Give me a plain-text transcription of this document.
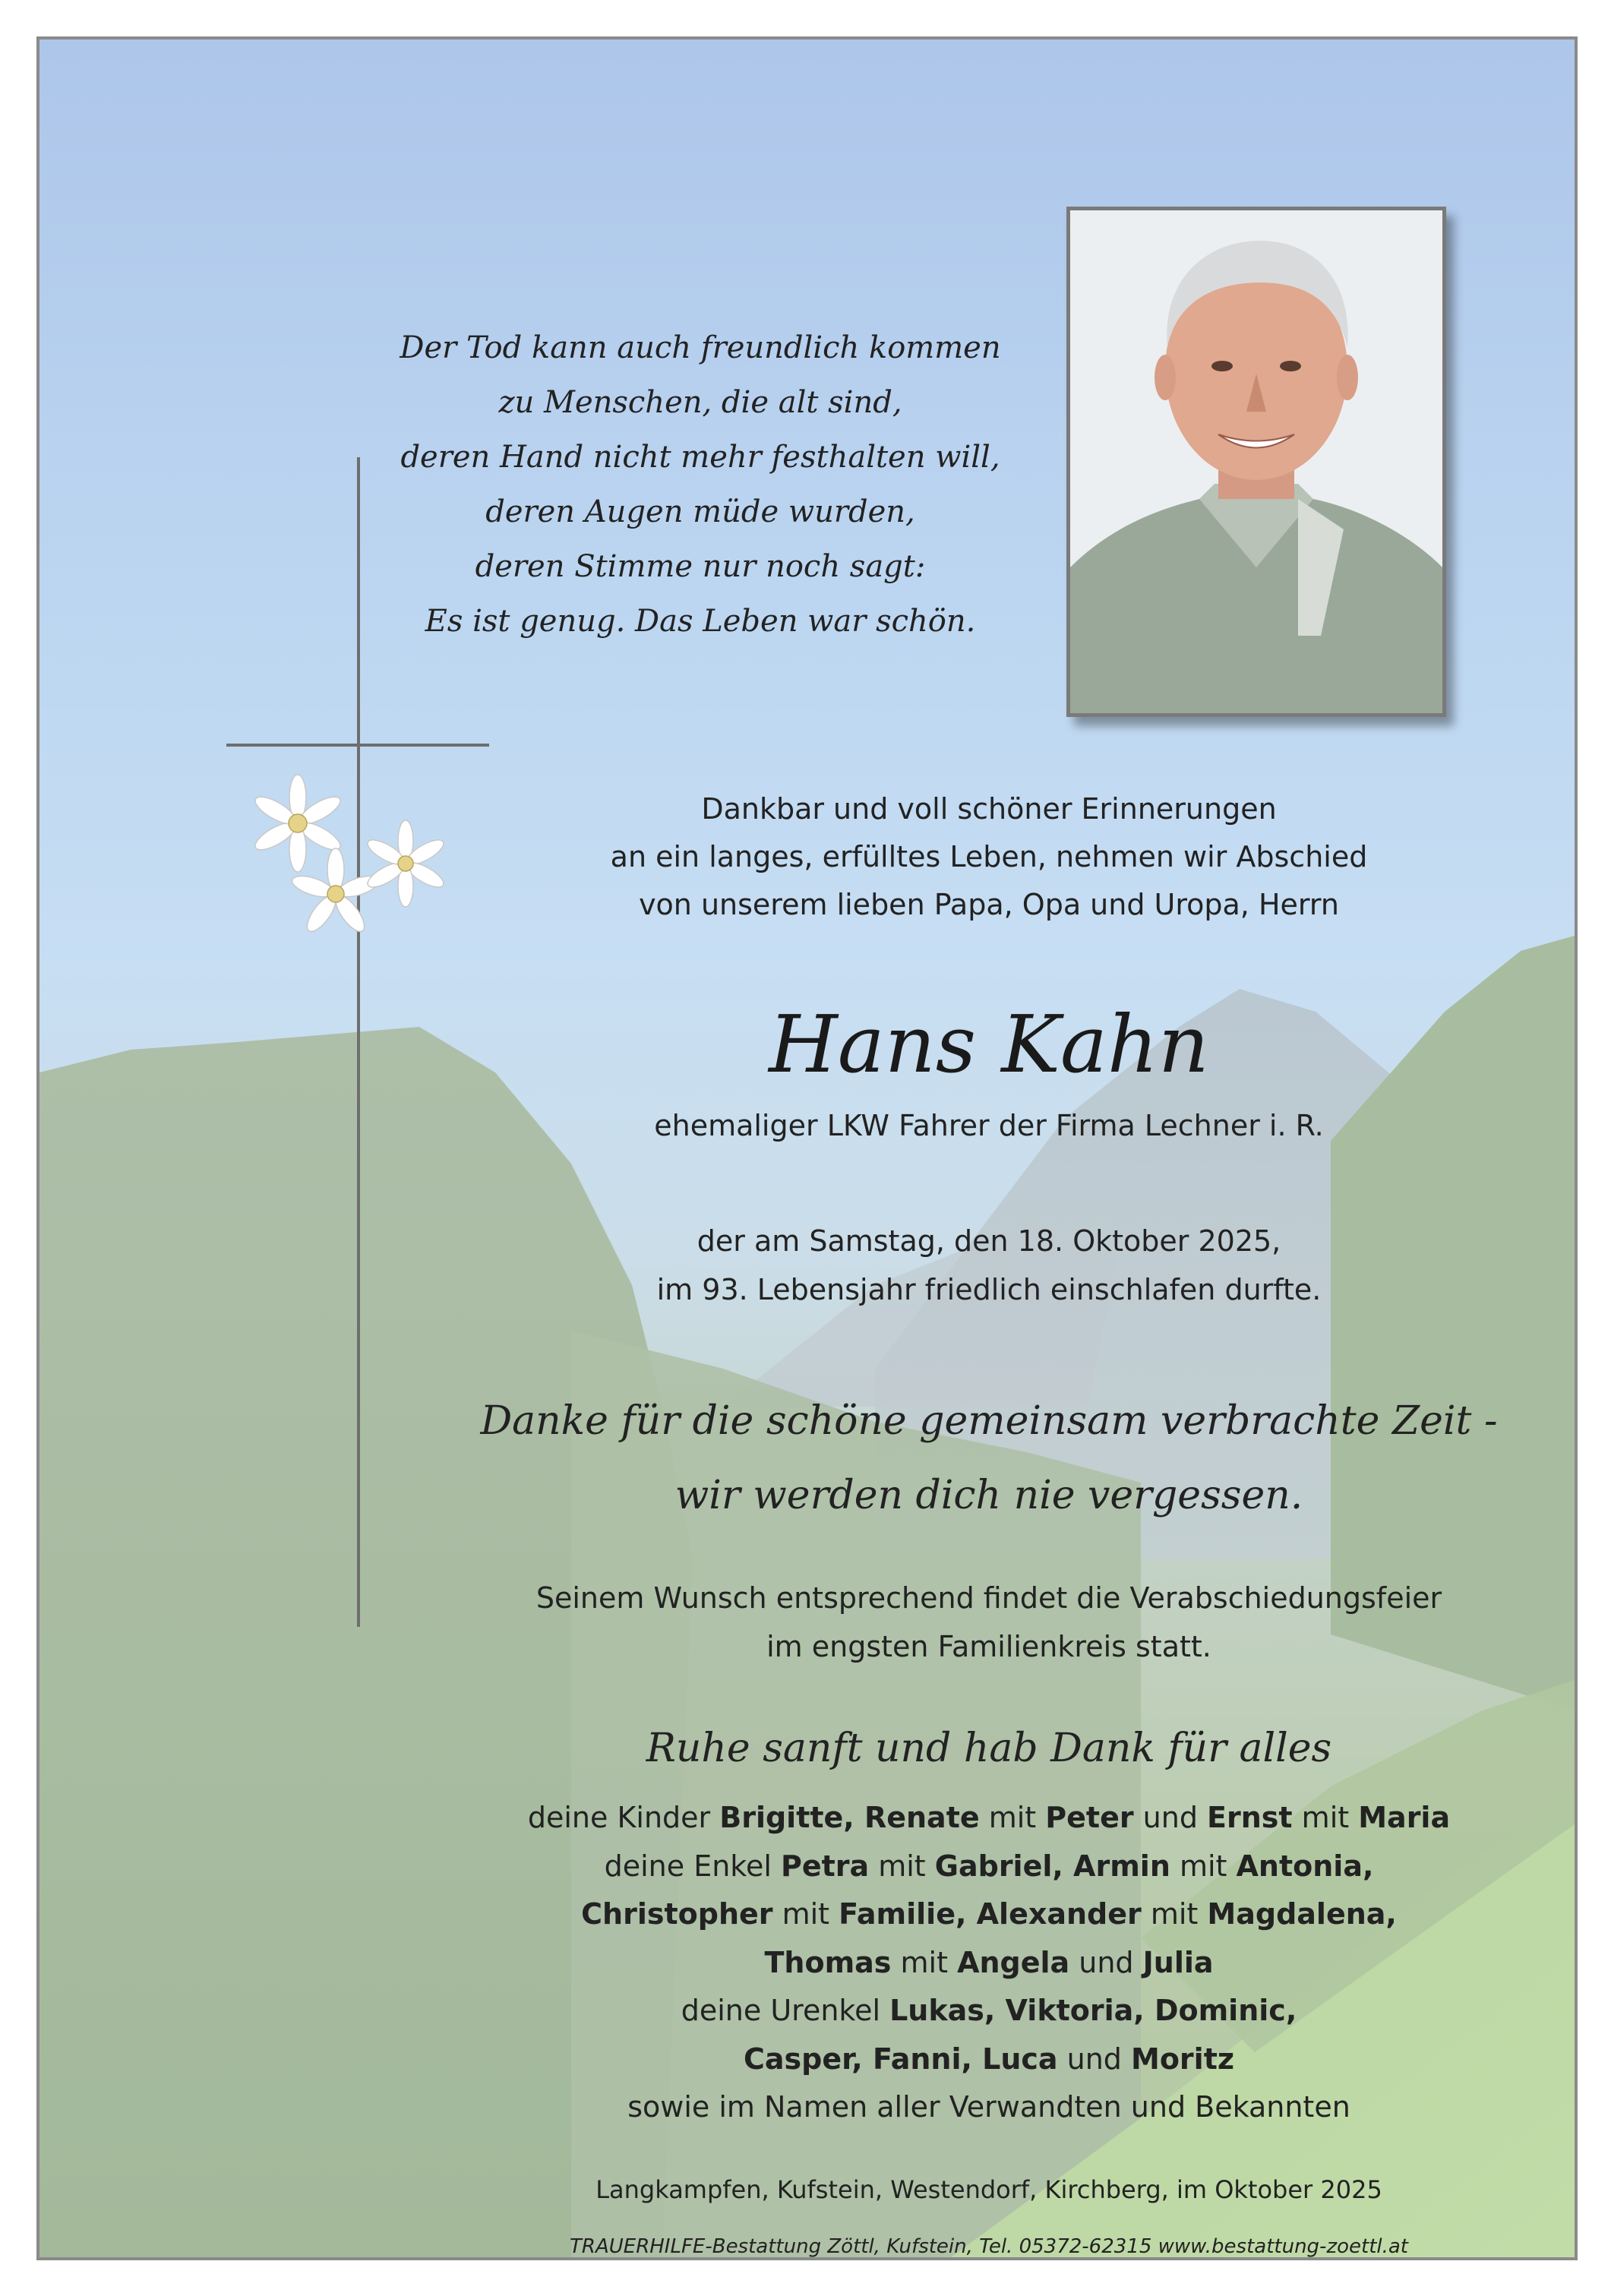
Der Tod kann auch freundlich kommen
zu Menschen, die alt sind,
deren Hand nicht mehr festhalten will,
deren Augen müde wurden,
deren Stimme nur noch sagt:
Es ist genug. Das Leben war schön.
Dankbar und voll schöner Erinnerungen
an ein langes, erfülltes Leben, nehmen wir Abschied
von unserem lieben Papa, Opa und Uropa, Herrn
Hans Kahn
ehemaliger LKW Fahrer der Firma Lechner i. R.
der am Samstag, den 18. Oktober 2025,
im 93. Lebensjahr friedlich einschlafen durfte.
Danke für die schöne gemeinsam verbrachte Zeit -
wir werden dich nie vergessen.
Seinem Wunsch entsprechend findet die Verabschiedungsfeier
im engsten Familienkreis statt.
Ruhe sanft und hab Dank für alles
deine Kinder Brigitte, Renate mit Peter und Ernst mit Maria
deine Enkel Petra mit Gabriel, Armin mit Antonia,
Christopher mit Familie, Alexander mit Magdalena,
Thomas mit Angela und Julia
deine Urenkel Lukas, Viktoria, Dominic,
Casper, Fanni, Luca und Moritz
sowie im Namen aller Verwandten und Bekannten
Langkampfen, Kufstein, Westendorf, Kirchberg, im Oktober 2025
TRAUERHILFE-Bestattung Zöttl, Kufstein, Tel. 05372-62315 www.bestattung-zoettl.at
